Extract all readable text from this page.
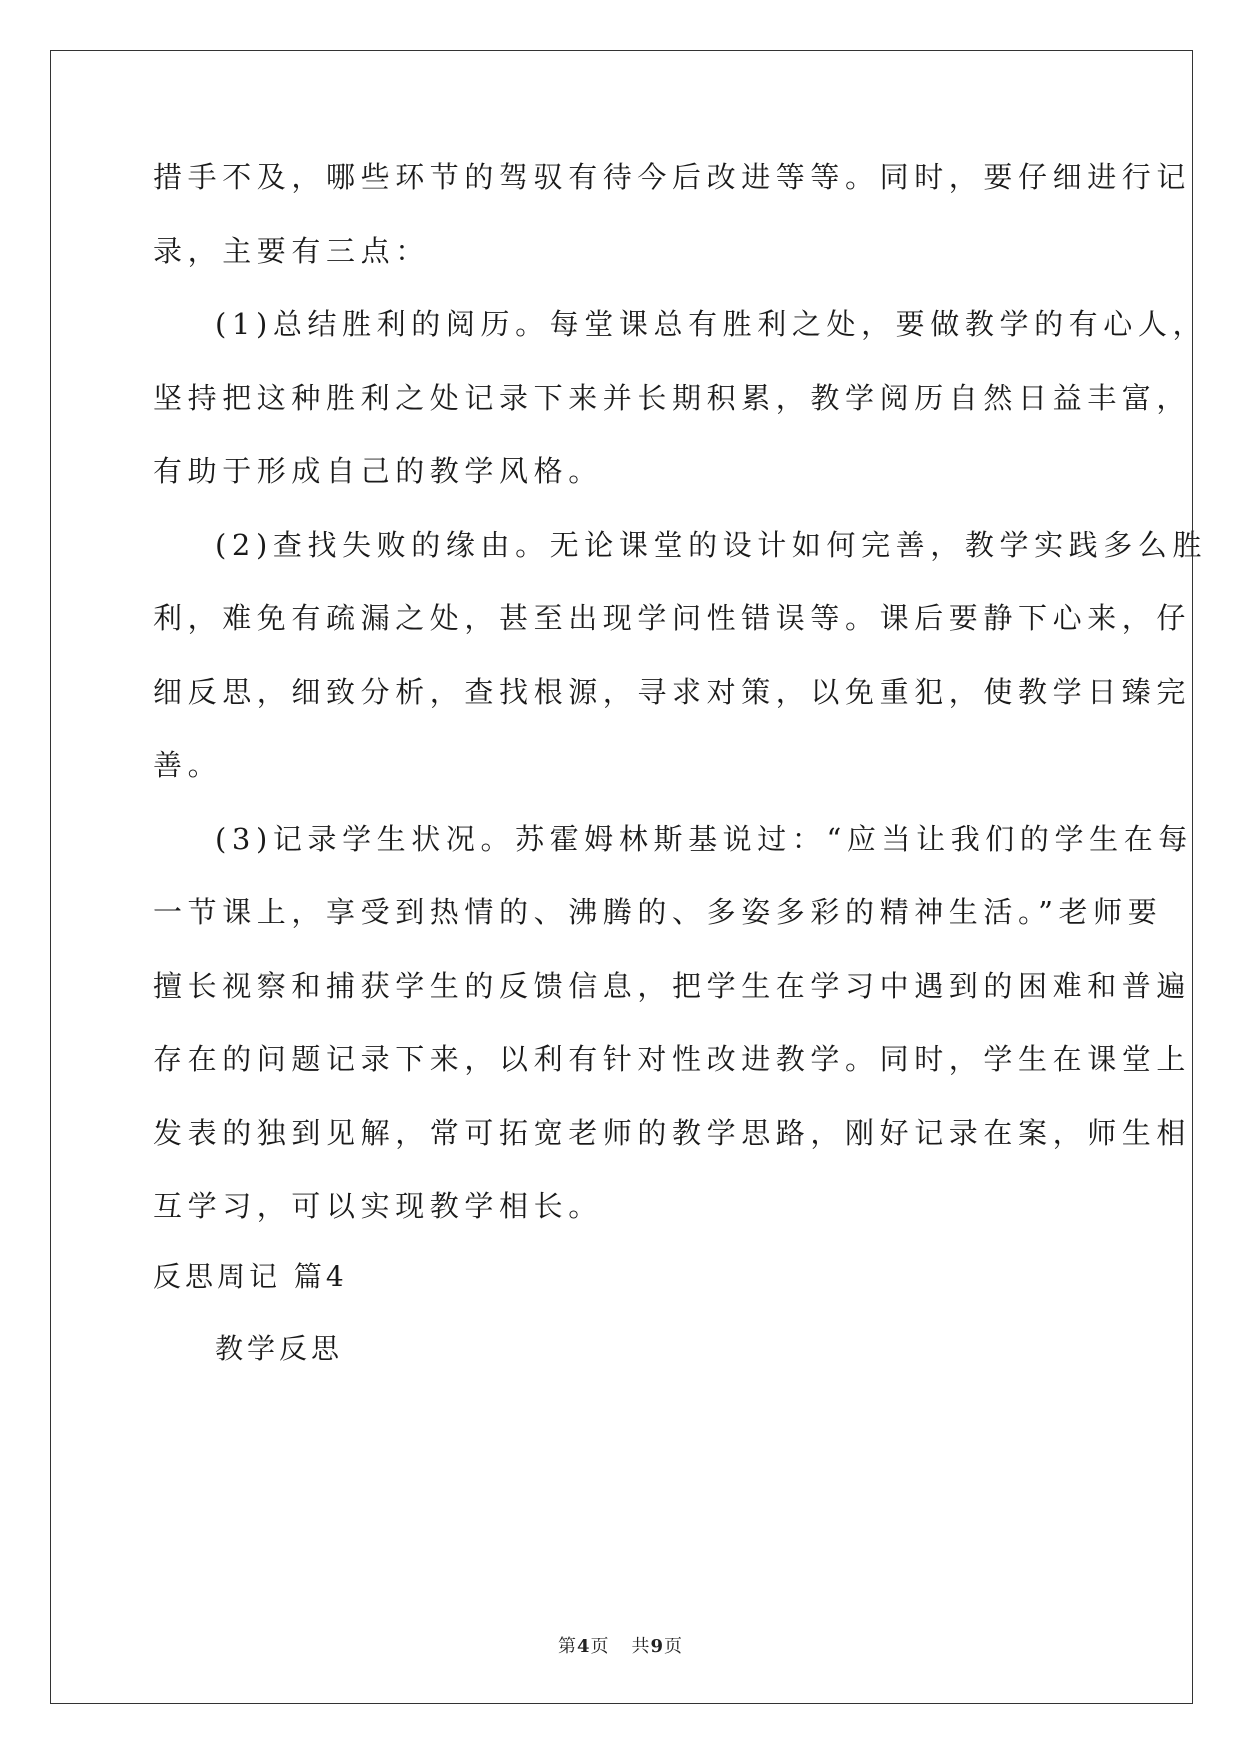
措手不及，哪些环节的驾驭有待今后改进等等。同时，要仔细进行记
录，主要有三点：
(1)总结胜利的阅历。每堂课总有胜利之处，要做教学的有心人，
坚持把这种胜利之处记录下来并长期积累，教学阅历自然日益丰富，
有助于形成自己的教学风格。
(2)查找失败的缘由。无论课堂的设计如何完善，教学实践多么胜
利，难免有疏漏之处，甚至出现学问性错误等。课后要静下心来，仔
细反思，细致分析，查找根源，寻求对策，以免重犯，使教学日臻完
善。
(3)记录学生状况。苏霍姆林斯基说过：“应当让我们的学生在每
一节课上，享受到热情的、沸腾的、多姿多彩的精神生活。”老师要
擅长视察和捕获学生的反馈信息，把学生在学习中遇到的困难和普遍
存在的问题记录下来，以利有针对性改进教学。同时，学生在课堂上
发表的独到见解，常可拓宽老师的教学思路，刚好记录在案，师生相
互学习，可以实现教学相长。
反思周记 篇4
教学反思
第4页 共9页
